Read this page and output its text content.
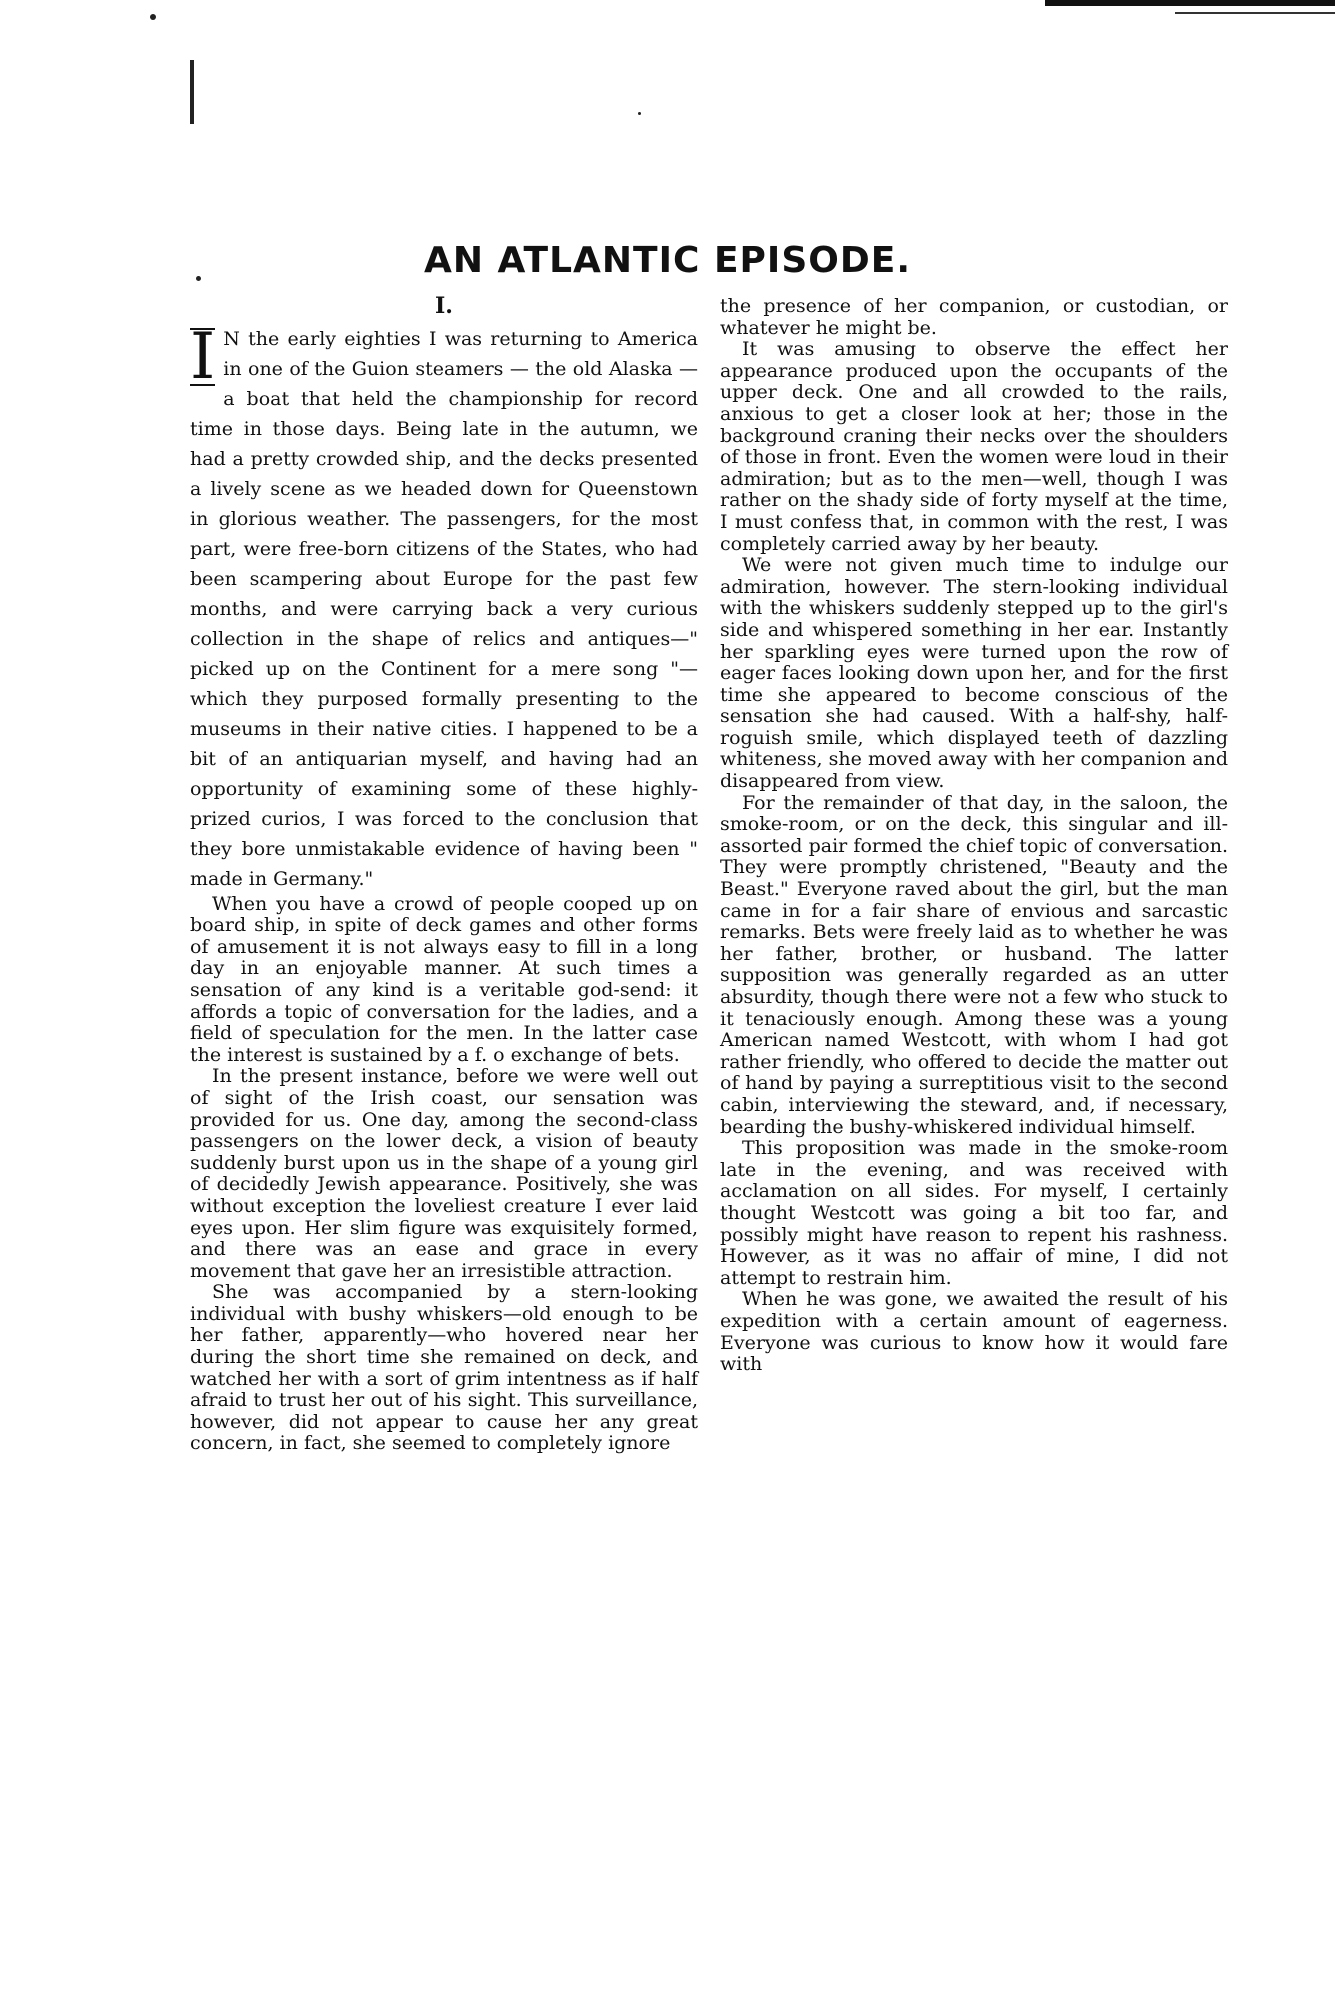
AN ATLANTIC EPISODE.
I.
I N the early eighties I was returning to America in one of the Guion steamers — the old Alaska — a boat that held the championship for record time in those days. Being late in the autumn, we had a pretty crowded ship, and the decks presented a lively scene as we headed down for Queenstown in glorious weather. The passengers, for the most part, were free-born citizens of the States, who had been scampering about Europe for the past few months, and were carrying back a very curious collection in the shape of relics and antiques—" picked up on the Continent for a mere song "—which they purposed formally presenting to the museums in their native cities. I happened to be a bit of an antiquarian myself, and having had an opportunity of examining some of these highly-prized curios, I was forced to the conclusion that they bore unmistakable evidence of having been " made in Germany."

When you have a crowd of people cooped up on board ship, in spite of deck games and other forms of amusement it is not always easy to fill in a long day in an enjoyable manner. At such times a sensation of any kind is a veritable god-send: it affords a topic of conversation for the ladies, and a field of speculation for the men. In the latter case the interest is sustained by a f. o exchange of bets.

In the present instance, before we were well out of sight of the Irish coast, our sensation was provided for us. One day, among the second-class passengers on the lower deck, a vision of beauty suddenly burst upon us in the shape of a young girl of decidedly Jewish appearance. Positively, she was without exception the loveliest creature I ever laid eyes upon. Her slim figure was exquisitely formed, and there was an ease and grace in every movement that gave her an irresistible attraction.

She was accompanied by a stern-looking individual with bushy whiskers—old enough to be her father, apparently—who hovered near her during the short time she remained on deck, and watched her with a sort of grim intentness as if half afraid to trust her out of his sight. This surveillance, however, did not appear to cause her any great concern, in fact, she seemed to completely ignore

the presence of her companion, or custodian, or whatever he might be.

It was amusing to observe the effect her appearance produced upon the occupants of the upper deck. One and all crowded to the rails, anxious to get a closer look at her; those in the background craning their necks over the shoulders of those in front. Even the women were loud in their admiration; but as to the men—well, though I was rather on the shady side of forty myself at the time, I must confess that, in common with the rest, I was completely carried away by her beauty.

We were not given much time to indulge our admiration, however. The stern-looking individual with the whiskers suddenly stepped up to the girl's side and whispered something in her ear. Instantly her sparkling eyes were turned upon the row of eager faces looking down upon her, and for the first time she appeared to become conscious of the sensation she had caused. With a half-shy, half-roguish smile, which displayed teeth of dazzling whiteness, she moved away with her companion and disappeared from view.

For the remainder of that day, in the saloon, the smoke-room, or on the deck, this singular and ill-assorted pair formed the chief topic of conversation. They were promptly christened, "Beauty and the Beast." Everyone raved about the girl, but the man came in for a fair share of envious and sarcastic remarks. Bets were freely laid as to whether he was her father, brother, or husband. The latter supposition was generally regarded as an utter absurdity, though there were not a few who stuck to it tenaciously enough. Among these was a young American named Westcott, with whom I had got rather friendly, who offered to decide the matter out of hand by paying a surreptitious visit to the second cabin, interviewing the steward, and, if necessary, bearding the bushy-whiskered individual himself.

This proposition was made in the smoke-room late in the evening, and was received with acclamation on all sides. For myself, I certainly thought Westcott was going a bit too far, and possibly might have reason to repent his rashness. However, as it was no affair of mine, I did not attempt to restrain him.

When he was gone, we awaited the result of his expedition with a certain amount of eagerness. Everyone was curious to know how it would fare with
